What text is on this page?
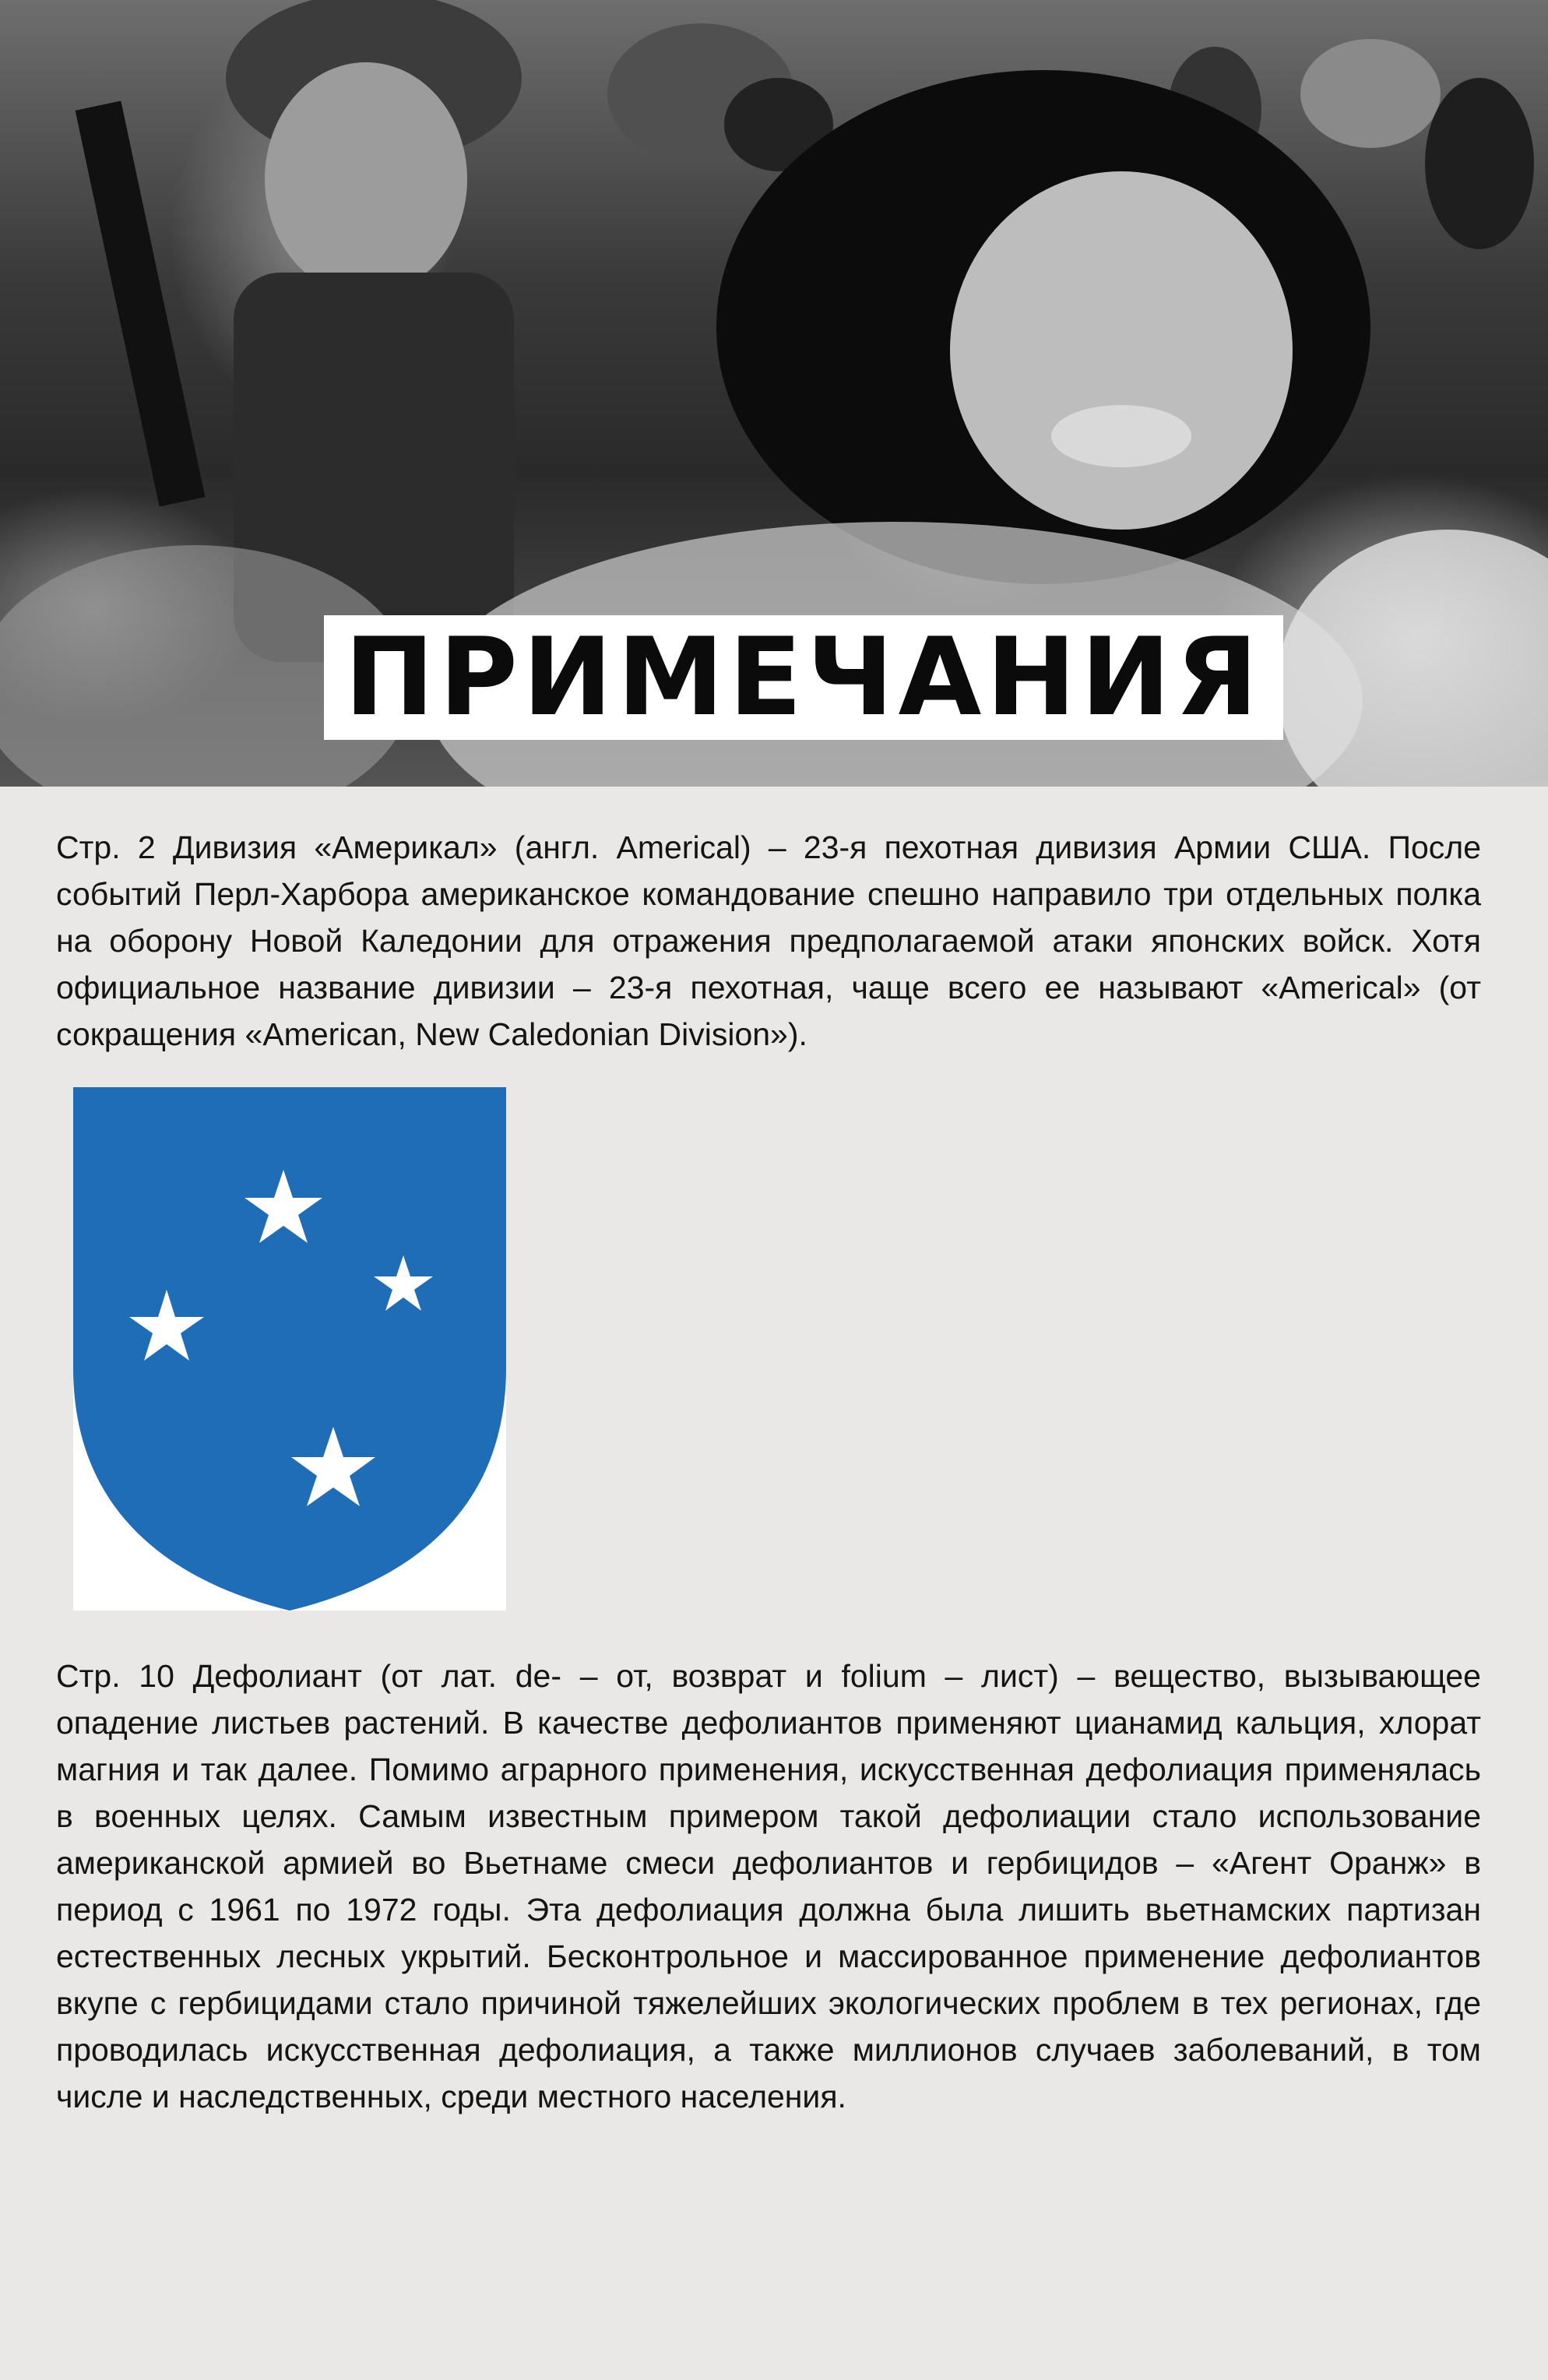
ПРИМЕЧАНИЯ
Стр. 2 Дивизия «Америкал» (англ. Americal) – 23-я пехотная дивизия Армии США. После событий Перл-Харбора американское командование спешно направило три отдельных полка на оборону Новой Каледонии для отражения предполагаемой атаки японских войск. Хотя официальное название дивизии – 23-я пехотная, чаще всего ее называют «Americal» (от сокращения «American, New Caledonian Division»).
Стр. 10 Дефолиант (от лат. de- – от, возврат и folium – лист) – вещество, вызывающее опадение листьев растений. В качестве дефолиантов применяют цианамид кальция, хлорат магния и так далее. Помимо аграрного применения, искусственная дефолиация применялась в военных целях. Самым известным примером такой дефолиации стало использование американской армией во Вьетнаме смеси дефолиантов и гербицидов – «Агент Оранж» в период с 1961 по 1972 годы. Эта дефолиация должна была лишить вьетнамских партизан естественных лесных укрытий. Бесконтрольное и массированное применение дефолиантов вкупе с гербицидами стало причиной тяжелейших экологических проблем в тех регионах, где проводилась искусственная дефолиация, а также миллионов случаев заболеваний, в том числе и наследственных, среди местного населения.
